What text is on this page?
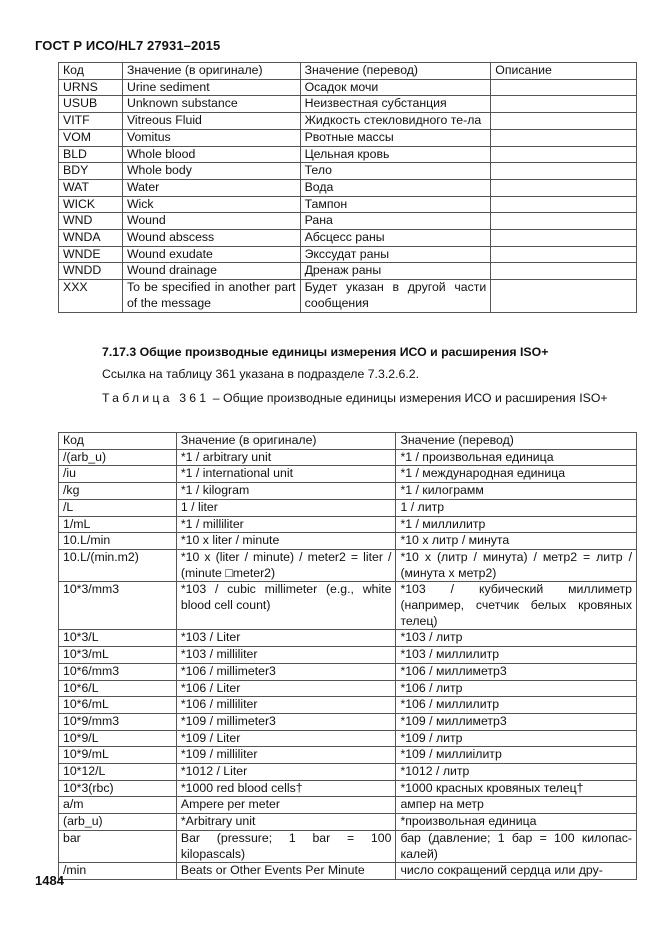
ГОСТ Р ИСО/HL7 27931–2015
Код	Значение (в оригинале)	Значение (перевод)	Описание
URNS	Urine sediment	Осадок мочи	
USUB	Unknown substance	Неизвестная субстанция	
VITF	Vitreous Fluid	Жидкость стекловидного те-ла	
VOM	Vomitus	Рвотные массы	
BLD	Whole blood	Цельная кровь	
BDY	Whole body	Тело	
WAT	Water	Вода	
WICK	Wick	Тампон	
WND	Wound	Рана	
WNDA	Wound abscess	Абсцесс раны	
WNDE	Wound exudate	Экссудат раны	
WNDD	Wound drainage	Дренаж раны	
XXX	To be specified in another part of the message	Будет указан в другой части сообщения	
7.17.3 Общие производные единицы измерения ИСО и расширения ISO+
Ссылка на таблицу 361 указана в подразделе 7.3.2.6.2.
Таблица 361 – Общие производные единицы измерения ИСО и расширения ISO+
Код	Значение (в оригинале)	Значение (перевод)
/(arb_u)	*1 / arbitrary unit	*1 / произвольная единица
/iu	*1 / international unit	*1 / международная единица
/kg	*1 / kilogram	*1 / килограмм
/L	1 / liter	1 / литр
1/mL	*1 / milliliter	*1 / миллилитр
10.L/min	*10 x liter / minute	*10 x литр / минута
10.L/(min.m2)	*10 x (liter / minute) / meter2 = liter / (minute □meter2)	*10 x (литр / минута) / метр2 = литр / (минута x метр2)
10*3/mm3	*103 / cubic millimeter (e.g., white blood cell count)	*103 / кубический миллиметр (например, счетчик белых кровяных телец)
10*3/L	*103 / Liter	*103 / литр
10*3/mL	*103 / milliliter	*103 / миллилитр
10*6/mm3	*106 / millimeter3	*106 / миллиметр3
10*6/L	*106 / Liter	*106 / литр
10*6/mL	*106 / milliliter	*106 / миллилитр
10*9/mm3	*109 / millimeter3	*109 / миллиметр3
10*9/L	*109 / Liter	*109 / литр
10*9/mL	*109 / milliliter	*109 / миллиiлитр
10*12/L	*1012 / Liter	*1012 / литр
10*3(rbc)	*1000 red blood cells†	*1000 красных кровяных телец†
a/m	Ampere per meter	ампер на метр
(arb_u)	*Arbitrary unit	*произвольная единица
bar	Bar (pressure; 1 bar = 100 kilopascals)	бар (давление; 1 бар = 100 килопас-калей)
/min	Beats or Other Events Per Minute	число сокращений сердца или дру-
1484
